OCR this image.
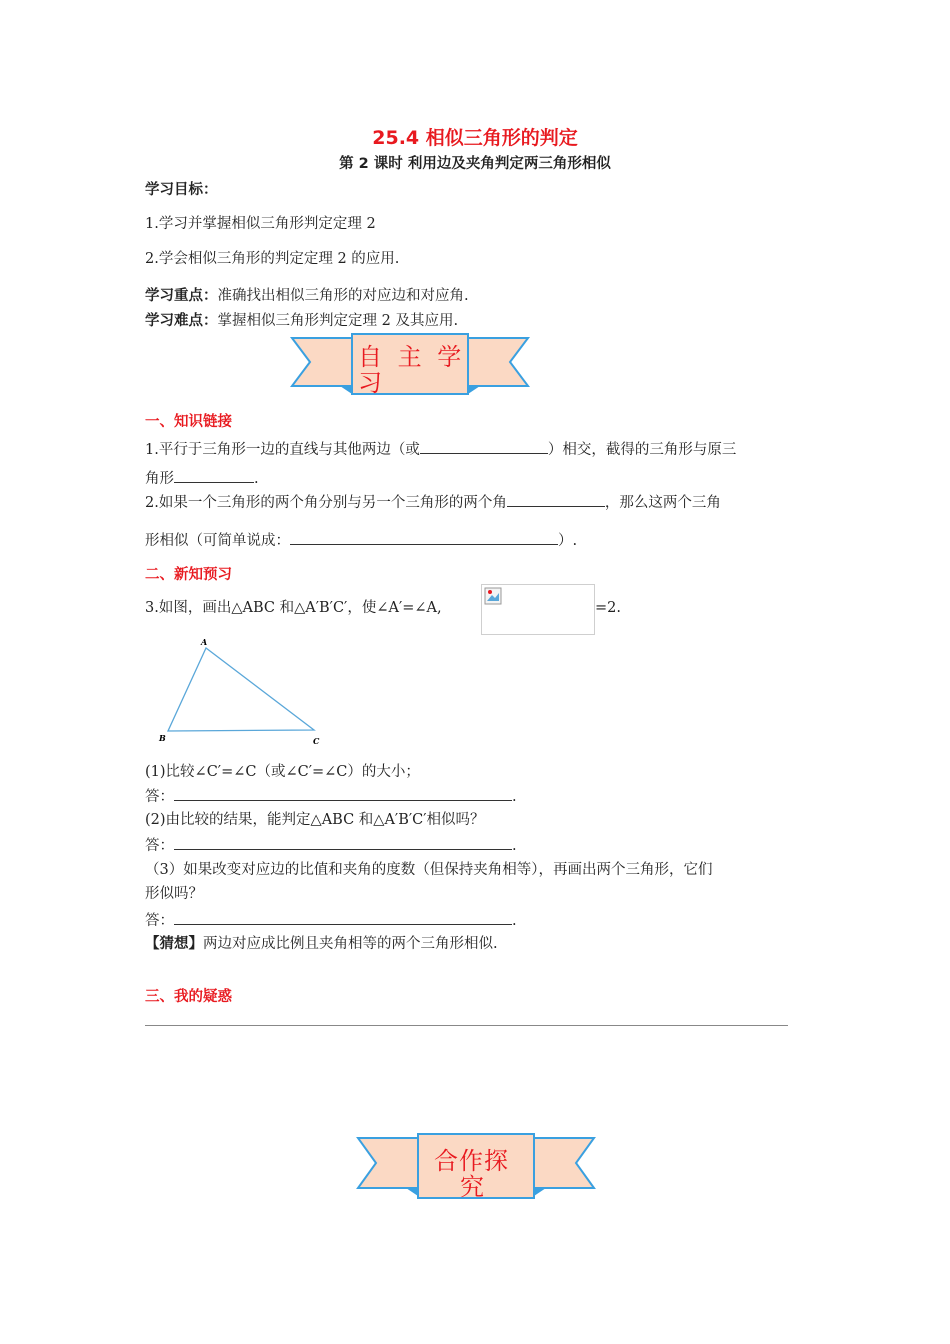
25.4 相似三角形的判定
第 2 课时 利用边及夹角判定两三角形相似
学习目标：
1.学习并掌握相似三角形判定定理 2
2.学会相似三角形的判定定理 2 的应用.
学习重点：准确找出相似三角形的对应边和对应角.
学习难点：掌握相似三角形判定定理 2 及其应用.
自 主 学
习
一、知识链接
1.平行于三角形一边的直线与其他两边（或	）相交，截得的三角形与原三
角形	.
2.如果一个三角形的两个角分别与另一个三角形的两个角	，那么这两个三角
形相似（可简单说成：	）.
二、新知预习
3.如图，画出△ABC 和△A′B′C′，使∠A′=∠A,	=2.
A
B	C
(1)比较∠C′=∠C（或∠C′=∠C）的大小；
答：	.
(2)由比较的结果，能判定△ABC 和△A′B′C′相似吗？
答：	.
（3）如果改变对应边的比值和夹角的度数（但保持夹角相等），再画出两个三角形，它们
形似吗？
答：	.
【猜想】两边对应成比例且夹角相等的两个三角形相似.
三、我的疑惑
合作探
究
